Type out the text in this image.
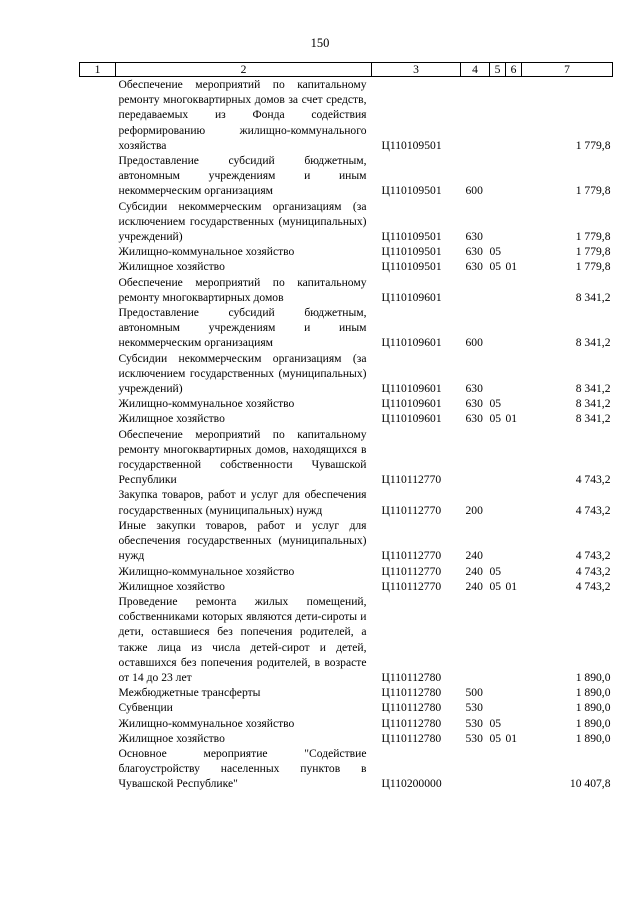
150
1	2	3	4	5	6	7
	Обеспечение мероприятий по капитальному ремонту многоквартирных домов за счет средств, передаваемых из Фонда содействия реформированию жилищно-коммунального хозяйства	Ц110109501				1 779,8
	Предоставление субсидий бюджетным, автономным учреждениям и иным некоммерческим организациям	Ц110109501	600			1 779,8
	Субсидии некоммерческим организациям (за исключением государственных (муниципальных) учреждений)	Ц110109501	630			1 779,8
	Жилищно-коммунальное хозяйство	Ц110109501	630	05		1 779,8
	Жилищное хозяйство	Ц110109501	630	05	01	1 779,8
	Обеспечение мероприятий по капитальному ремонту многоквартирных домов	Ц110109601				8 341,2
	Предоставление субсидий бюджетным, автономным учреждениям и иным некоммерческим организациям	Ц110109601	600			8 341,2
	Субсидии некоммерческим организациям (за исключением государственных (муниципальных) учреждений)	Ц110109601	630			8 341,2
	Жилищно-коммунальное хозяйство	Ц110109601	630	05		8 341,2
	Жилищное хозяйство	Ц110109601	630	05	01	8 341,2
	Обеспечение мероприятий по капитальному ремонту многоквартирных домов, находящихся в государственной собственности Чувашской Республики	Ц110112770				4 743,2
	Закупка товаров, работ и услуг для обеспечения государственных (муниципальных) нужд	Ц110112770	200			4 743,2
	Иные закупки товаров, работ и услуг для обеспечения государственных (муниципальных) нужд	Ц110112770	240			4 743,2
	Жилищно-коммунальное хозяйство	Ц110112770	240	05		4 743,2
	Жилищное хозяйство	Ц110112770	240	05	01	4 743,2
	Проведение ремонта жилых помещений, собственниками которых являются дети-сироты и дети, оставшиеся без попечения родителей, а также лица из числа детей-сирот и детей, оставшихся без попечения родителей, в возрасте от 14 до 23 лет	Ц110112780				1 890,0
	Межбюджетные трансферты	Ц110112780	500			1 890,0
	Субвенции	Ц110112780	530			1 890,0
	Жилищно-коммунальное хозяйство	Ц110112780	530	05		1 890,0
	Жилищное хозяйство	Ц110112780	530	05	01	1 890,0
	Основное мероприятие "Содействие благоустройству населенных пунктов в Чувашской Республике"	Ц110200000				10 407,8
